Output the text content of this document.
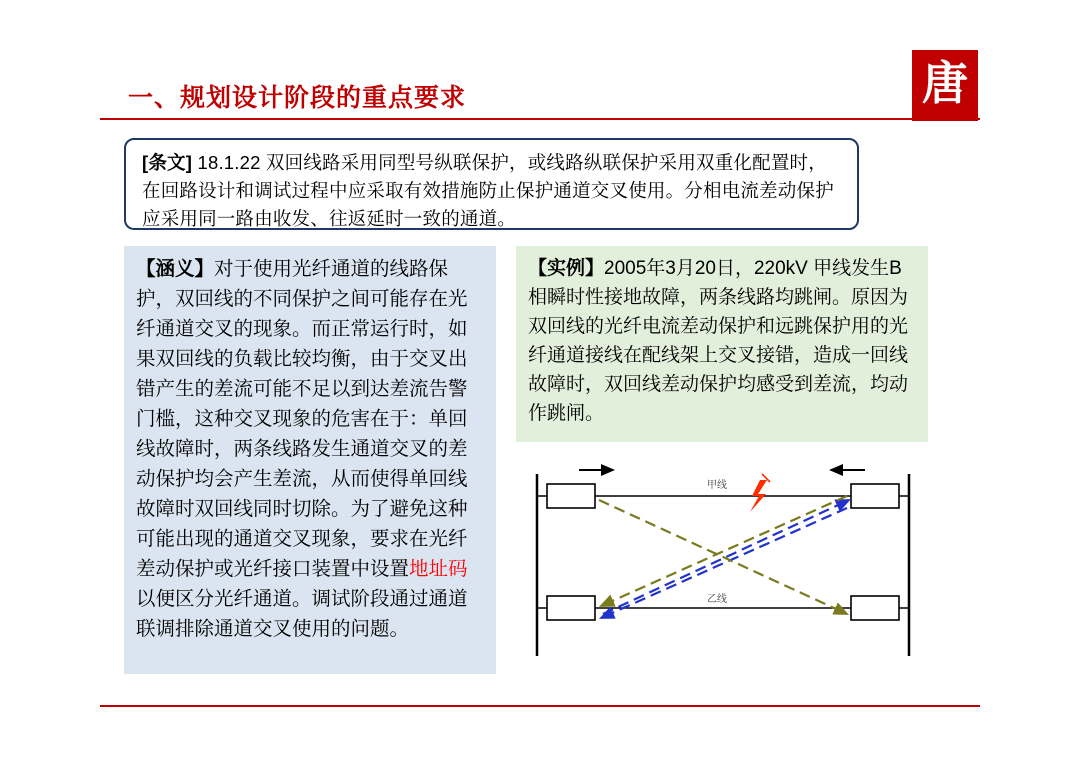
一、规划设计阶段的重点要求	唐
[条文] 18.1.22 双回线路采用同型号纵联保护，或线路纵联保护采用双重化配置时，在回路设计和调试过程中应采取有效措施防止保护通道交叉使用。分相电流差动保护应采用同一路由收发、往返延时一致的通道。
【涵义】对于使用光纤通道的线路保护，双回线的不同保护之间可能存在光纤通道交叉的现象。而正常运行时，如果双回线的负载比较均衡，由于交叉出错产生的差流可能不足以到达差流告警门槛，这种交叉现象的危害在于：单回线故障时，两条线路发生通道交叉的差动保护均会产生差流，从而使得单回线故障时双回线同时切除。为了避免这种可能出现的通道交叉现象，要求在光纤差动保护或光纤接口装置中设置地址码以便区分光纤通道。调试阶段通过通道联调排除通道交叉使用的问题。
【实例】2005年3月20日，220kV 甲线发生B相瞬时性接地故障，两条线路均跳闸。原因为双回线的光纤电流差动保护和远跳保护用的光纤通道接线在配线架上交叉接错，造成一回线故障时，双回线差动保护均感受到差流，均动作跳闸。
甲线
乙线
